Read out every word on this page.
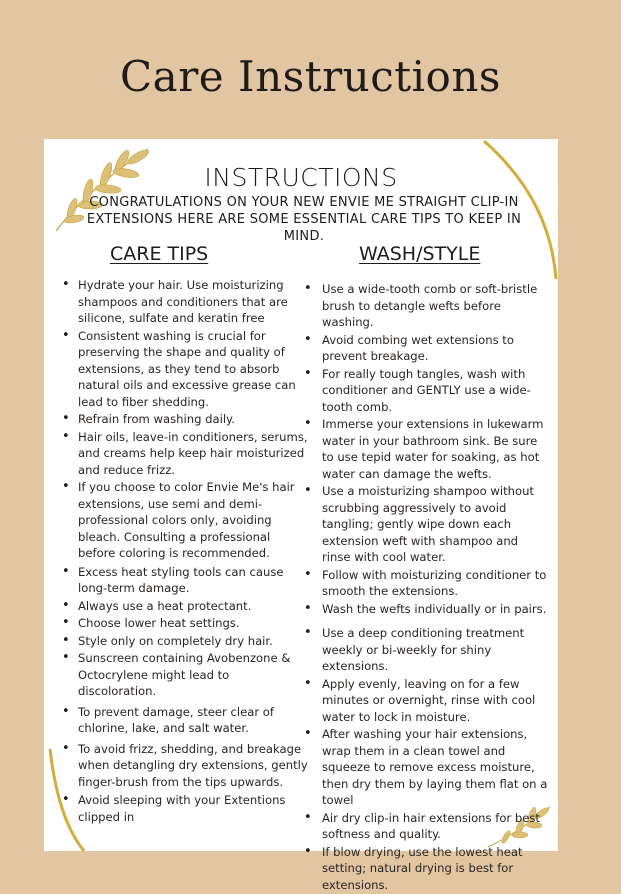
Care Instructions
INSTRUCTIONS
CONGRATULATIONS ON YOUR NEW ENVIE ME STRAIGHT CLIP-IN EXTENSIONS HERE ARE SOME ESSENTIAL CARE TIPS TO KEEP IN MIND.
CARE TIPS	WASH/STYLE
• Hydrate your hair. Use moisturizing shampoos and conditioners that are silicone, sulfate and keratin free
• Consistent washing is crucial for preserving the shape and quality of extensions, as they tend to absorb natural oils and excessive grease can lead to fiber shedding.
• Refrain from washing daily.
• Hair oils, leave-in conditioners, serums, and creams help keep hair moisturized and reduce frizz.
• If you choose to color Envie Me's hair extensions, use semi and demi-professional colors only, avoiding bleach. Consulting a professional before coloring is recommended.
• Excess heat styling tools can cause long-term damage.
• Always use a heat protectant.
• Choose lower heat settings.
• Style only on completely dry hair.
• Sunscreen containing Avobenzone & Octocrylene might lead to discoloration.
• To prevent damage, steer clear of chlorine, lake, and salt water.
• To avoid frizz, shedding, and breakage when detangling dry extensions, gently finger-brush from the tips upwards.
• Avoid sleeping with your Extentions clipped in
• Use a wide-tooth comb or soft-bristle brush to detangle wefts before washing.
• Avoid combing wet extensions to prevent breakage.
• For really tough tangles, wash with conditioner and GENTLY use a wide-tooth comb.
• Immerse your extensions in lukewarm water in your bathroom sink. Be sure to use tepid water for soaking, as hot water can damage the wefts.
• Use a moisturizing shampoo without scrubbing aggressively to avoid tangling; gently wipe down each extension weft with shampoo and rinse with cool water.
• Follow with moisturizing conditioner to smooth the extensions.
• Wash the wefts individually or in pairs.
• Use a deep conditioning treatment weekly or bi-weekly for shiny extensions.
• Apply evenly, leaving on for a few minutes or overnight, rinse with cool water to lock in moisture.
• After washing your hair extensions, wrap them in a clean towel and squeeze to remove excess moisture, then dry them by laying them flat on a towel
• Air dry clip-in hair extensions for best softness and quality.
• If blow drying, use the lowest heat setting; natural drying is best for extensions.
